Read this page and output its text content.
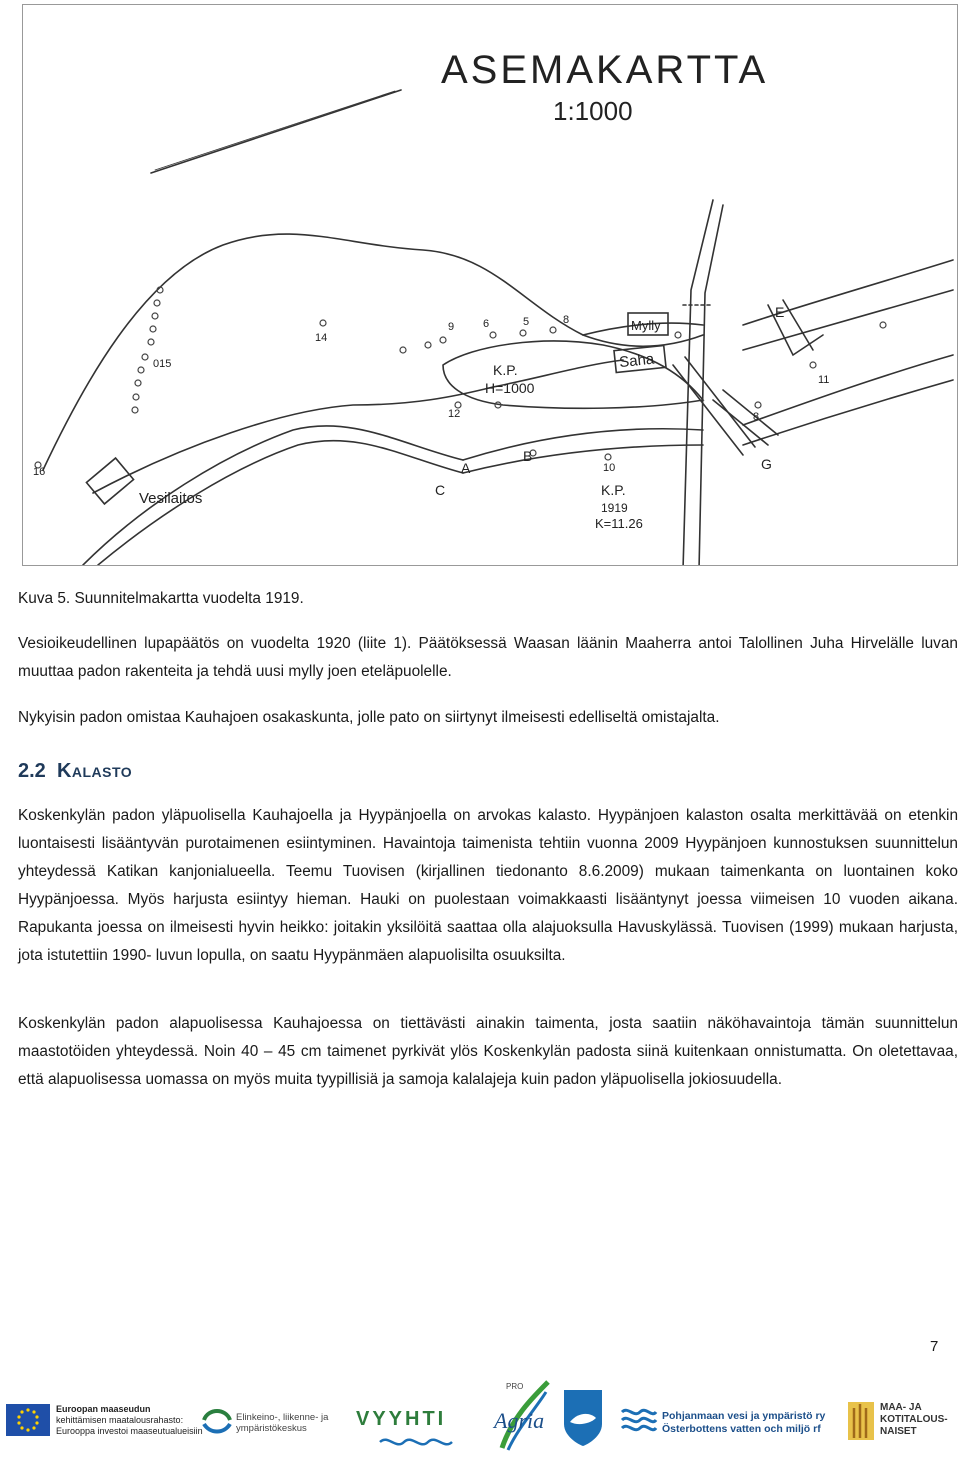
ASEMAKARTTA
1:1000
Mylly
Saha
Vesilaitos
K.P.
H=1000
K.P.
1919
K=11.26
14
015
16
12
9	6	5	8
10
8
11
A
B
C
E
G

Kuva 5. Suunnitelmakartta vuodelta 1919.

Vesioikeudellinen lupapäätös on vuodelta 1920 (liite 1). Päätöksessä Waasan läänin Maaherra antoi Talollinen Juha Hirvelälle luvan muuttaa padon rakenteita ja tehdä uusi mylly joen eteläpuolelle.

Nykyisin padon omistaa Kauhajoen osakaskunta, jolle pato on siirtynyt ilmeisesti edelliseltä omistajalta.

2.2 Kalasto

Koskenkylän padon yläpuolisella Kauhajoella ja Hyypänjoella on arvokas kalasto. Hyypänjoen kalaston osalta merkittävää on etenkin luontaisesti lisääntyvän purotaimenen esiintyminen. Havaintoja taimenista tehtiin vuonna 2009 Hyypänjoen kunnostuksen suunnittelun yhteydessä Katikan kanjonialueella. Teemu Tuovisen (kirjallinen tiedonanto 8.6.2009) mukaan taimenkanta on luontainen koko Hyypänjoessa. Myös harjusta esiintyy hieman. Hauki on puolestaan voimakkaasti lisääntynyt joessa viimeisen 10 vuoden aikana. Rapukanta joessa on ilmeisesti hyvin heikko: joitakin yksilöitä saattaa olla alajuoksulla Havuskylässä. Tuovisen (1999) mukaan harjusta, jota istutettiin 1990- luvun lopulla, on saatu Hyypänmäen alapuolisilta osuuksilta.

Koskenkylän padon alapuolisessa Kauhajoessa on tiettävästi ainakin taimenta, josta saatiin näköhavaintoja tämän suunnittelun maastotöiden yhteydessä. Noin 40 – 45 cm taimenet pyrkivät ylös Koskenkylän padosta siinä kuitenkaan onnistumatta. On oletettavaa, että alapuolisessa uomassa on myös muita tyypillisiä ja samoja kalalajeja kuin padon yläpuolisella jokiosuudella.

7
Euroopan maaseudun
kehittämisen maatalousrahasto:
Eurooppa investoi maaseutualueisiin
Elinkeino-, liikenne- ja
ympäristökeskus	VYYHTI
PRO
Agria	Pohjanmaan vesi ja ympäristö ry
Österbottens vatten och miljö rf
MAA- JA
KOTITALOUS-
NAISET
